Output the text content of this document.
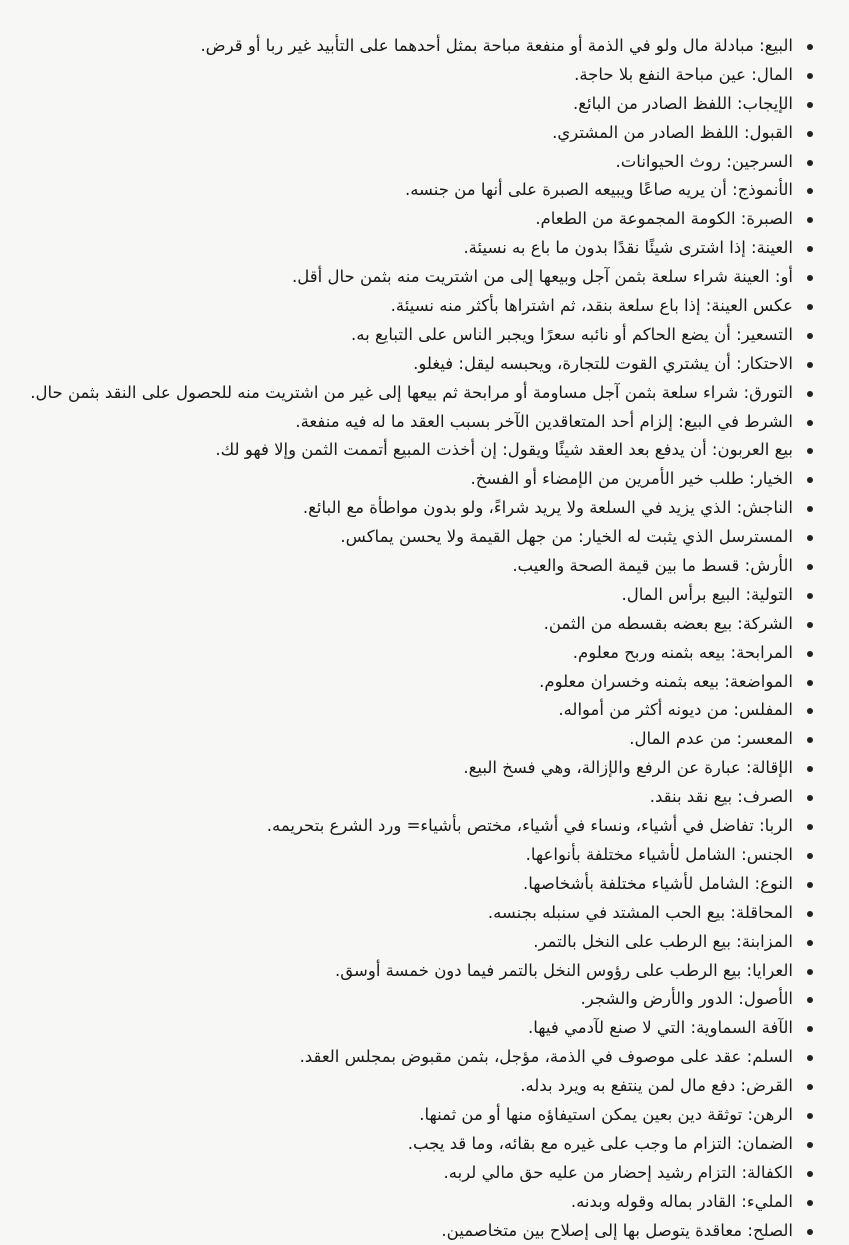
البيع: مبادلة مال ولو في الذمة أو منفعة مباحة بمثل أحدهما على التأبيد غير ربا أو قرض.
المال: عين مباحة النفع بلا حاجة.
الإيجاب: اللفظ الصادر من البائع.
القبول: اللفظ الصادر من المشتري.
السرجين: روث الحيوانات.
الأنموذج: أن يريه صاعًا ويبيعه الصبرة على أنها من جنسه.
الصبرة: الكومة المجموعة من الطعام.
العينة: إذا اشترى شيئًا نقدًا بدون ما باع به نسيئة.
أو: العينة شراء سلعة بثمن آجل وبيعها إلى من اشتريت منه بثمن حال أقل.
عكس العينة: إذا باع سلعة بنقد، ثم اشتراها بأكثر منه نسيئة.
التسعير: أن يضع الحاكم أو نائبه سعرًا ويجبر الناس على التبايع به.
الاحتكار: أن يشتري القوت للتجارة، ويحبسه ليقل: فيغلو.
التورق: شراء سلعة بثمن آجل مساومة أو مرابحة ثم بيعها إلى غير من اشتريت منه للحصول على النقد بثمن حال.
الشرط في البيع: إلزام أحد المتعاقدين الآخر بسبب العقد ما له فيه منفعة.
بيع العربون: أن يدفع بعد العقد شيئًا ويقول: إن أخذت المبيع أتممت الثمن وإلا فهو لك.
الخيار: طلب خير الأمرين من الإمضاء أو الفسخ.
الناجش: الذي يزيد في السلعة ولا يريد شراءً، ولو بدون مواطأة مع البائع.
المسترسل الذي يثبت له الخيار: من جهل القيمة ولا يحسن يماكس.
الأرش: قسط ما بين قيمة الصحة والعيب.
التولية: البيع برأس المال.
الشركة: بيع بعضه بقسطه من الثمن.
المرابحة: بيعه بثمنه وربح معلوم.
المواضعة: بيعه بثمنه وخسران معلوم.
المفلس: من ديونه أكثر من أمواله.
المعسر: من عدم المال.
الإقالة: عبارة عن الرفع والإزالة، وهي فسخ البيع.
الصرف: بيع نقد بنقد.
الربا: تفاضل في أشياء، ونساء في أشياء، مختص بأشياء= ورد الشرع بتحريمه.
الجنس: الشامل لأشياء مختلفة بأنواعها.
النوع: الشامل لأشياء مختلفة بأشخاصها.
المحاقلة: بيع الحب المشتد في سنبله بجنسه.
المزابنة: بيع الرطب على النخل بالتمر.
العرايا: بيع الرطب على رؤوس النخل بالتمر فيما دون خمسة أوسق.
الأصول: الدور والأرض والشجر.
الآفة السماوية: التي لا صنع لآدمي فيها.
السلم: عقد على موصوف في الذمة، مؤجل، بثمن مقبوض بمجلس العقد.
القرض: دفع مال لمن ينتفع به ويرد بدله.
الرهن: توثقة دين بعين يمكن استيفاؤه منها أو من ثمنها.
الضمان: التزام ما وجب على غيره مع بقائه، وما قد يجب.
الكفالة: التزام رشيد إحضار من عليه حق مالي لربه.
المليء: القادر بماله وقوله وبدنه.
الصلح: معاقدة يتوصل بها إلى إصلاح بين متخاصمين.
